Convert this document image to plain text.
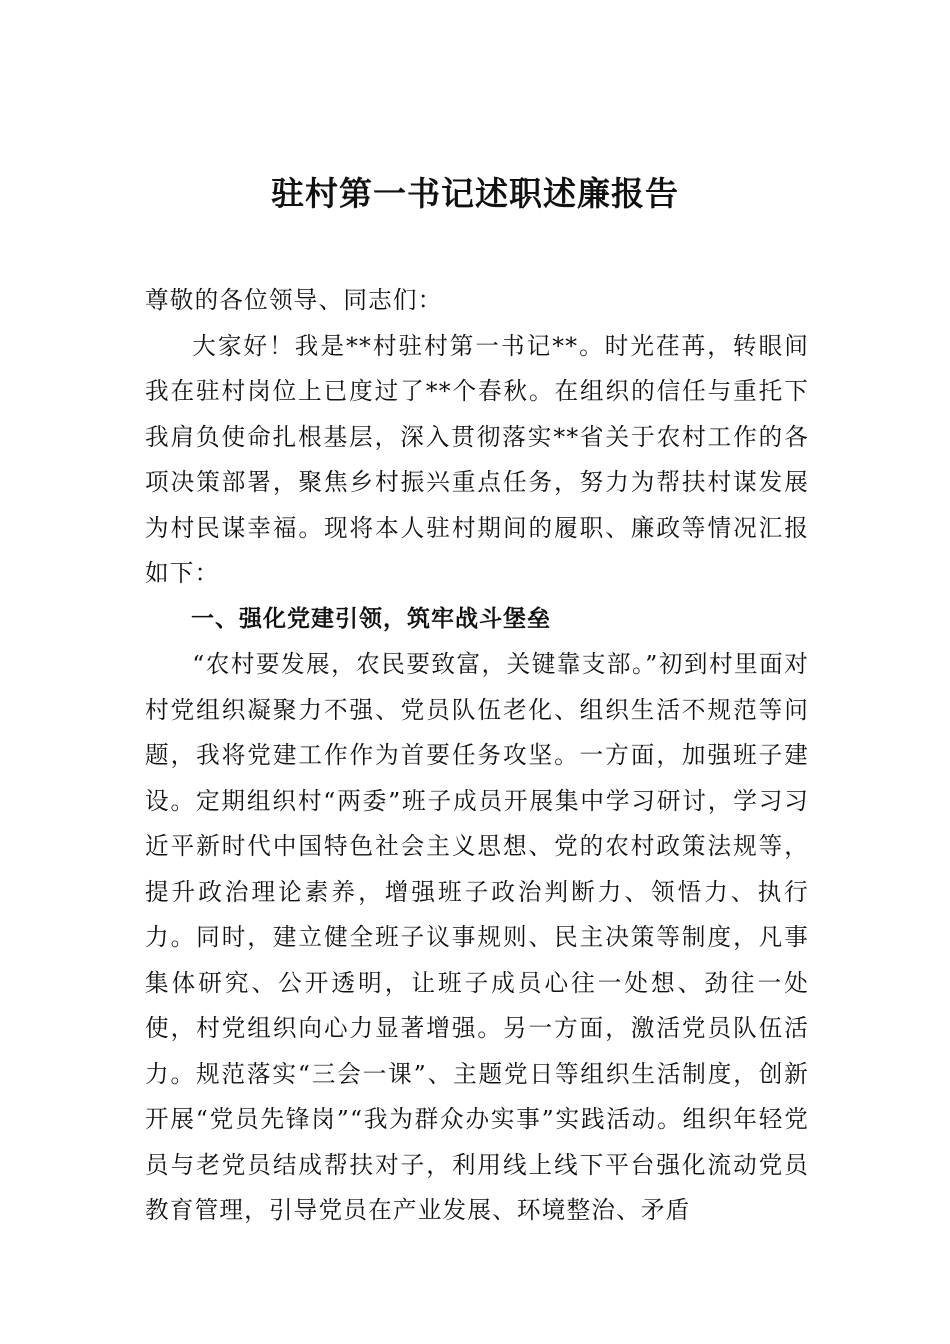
驻村第一书记述职述廉报告

尊敬的各位领导、同志们：

大家好！我是**村驻村第一书记**。时光荏苒，转眼间我在驻村岗位上已度过了**个春秋。在组织的信任与重托下我肩负使命扎根基层，深入贯彻落实**省关于农村工作的各项决策部署，聚焦乡村振兴重点任务，努力为帮扶村谋发展为村民谋幸福。现将本人驻村期间的履职、廉政等情况汇报如下：

一、强化党建引领，筑牢战斗堡垒

“农村要发展，农民要致富，关键靠支部。”初到村里面对村党组织凝聚力不强、党员队伍老化、组织生活不规范等问题，我将党建工作作为首要任务攻坚。一方面，加强班子建设。定期组织村“两委”班子成员开展集中学习研讨，学习习近平新时代中国特色社会主义思想、党的农村政策法规等，提升政治理论素养，增强班子政治判断力、领悟力、执行力。同时，建立健全班子议事规则、民主决策等制度，凡事集体研究、公开透明，让班子成员心往一处想、劲往一处使，村党组织向心力显著增强。另一方面，激活党员队伍活力。规范落实“三会一课”、主题党日等组织生活制度，创新开展“党员先锋岗”“我为群众办实事”实践活动。组织年轻党员与老党员结成帮扶对子，利用线上线下平台强化流动党员教育管理，引导党员在产业发展、环境整治、矛盾
